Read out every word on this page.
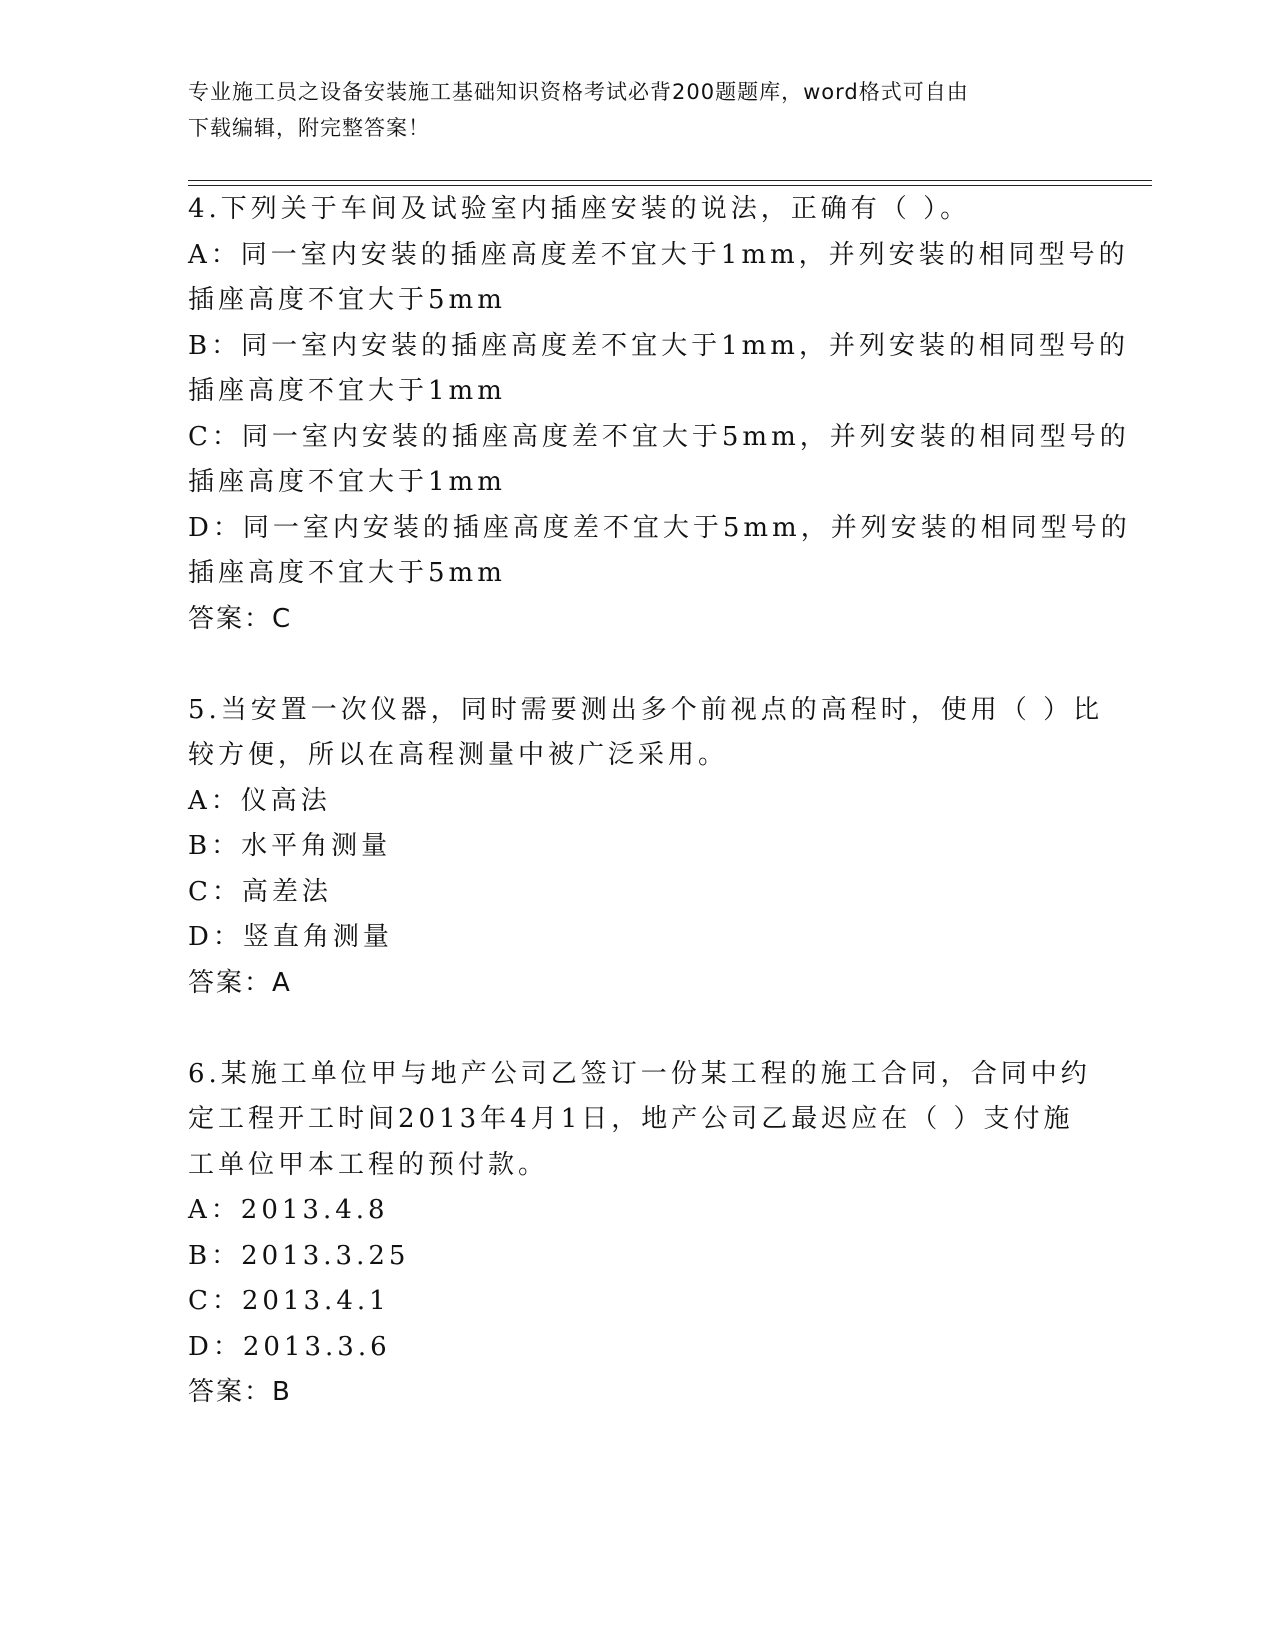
专业施工员之设备安装施工基础知识资格考试必背200题题库，word格式可自由
下载编辑，附完整答案！
4.下列关于车间及试验室内插座安装的说法，正确有（ ）。
A：同一室内安装的插座高度差不宜大于1mm，并列安装的相同型号的
插座高度不宜大于5mm
B：同一室内安装的插座高度差不宜大于1mm，并列安装的相同型号的
插座高度不宜大于1mm
C：同一室内安装的插座高度差不宜大于5mm，并列安装的相同型号的
插座高度不宜大于1mm
D：同一室内安装的插座高度差不宜大于5mm，并列安装的相同型号的
插座高度不宜大于5mm
答案：C
5.当安置一次仪器，同时需要测出多个前视点的高程时，使用（ ）比
较方便，所以在高程测量中被广泛采用。
A：仪高法
B：水平角测量
C：高差法
D：竖直角测量
答案：A
6.某施工单位甲与地产公司乙签订一份某工程的施工合同，合同中约
定工程开工时间2013年4月1日，地产公司乙最迟应在（ ）支付施
工单位甲本工程的预付款。
A：2013.4.8
B：2013.3.25
C：2013.4.1
D：2013.3.6
答案：B
